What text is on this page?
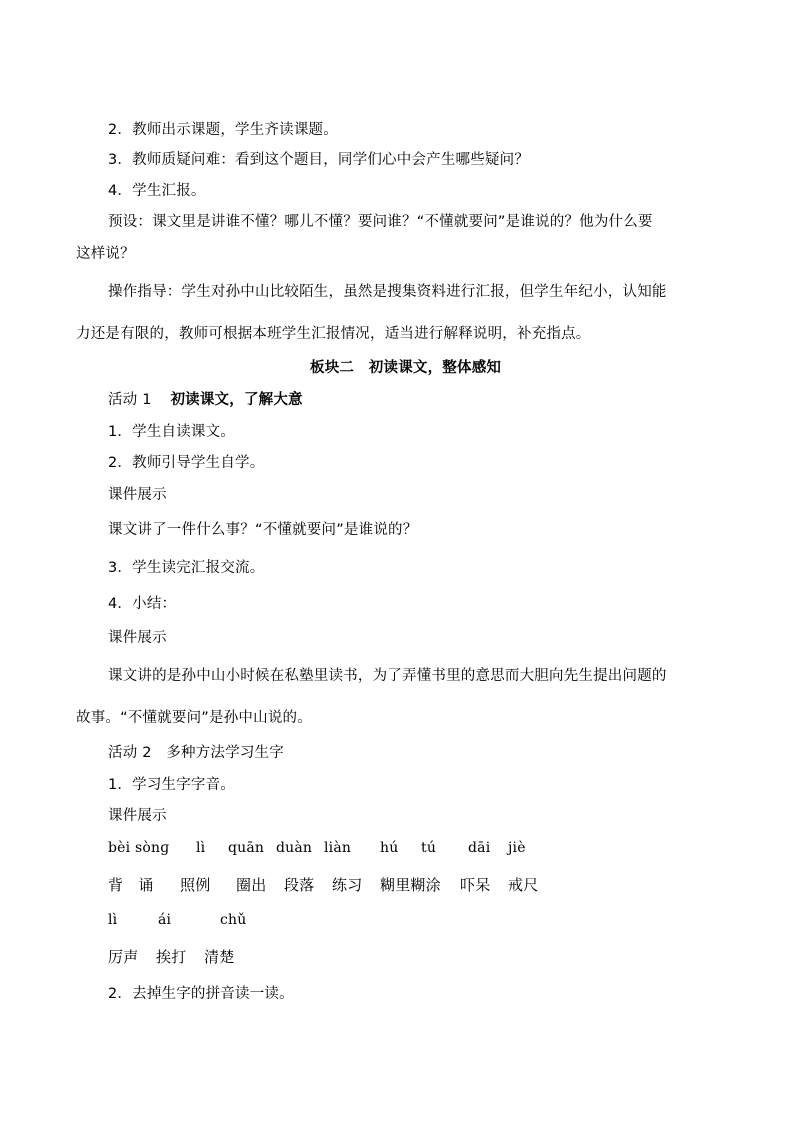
2．教师出示课题，学生齐读课题。
3．教师质疑问难：看到这个题目，同学们心中会产生哪些疑问？
4．学生汇报。
预设：课文里是讲谁不懂？哪儿不懂？要问谁？“不懂就要问”是谁说的？他为什么要
这样说？
操作指导：学生对孙中山比较陌生，虽然是搜集资料进行汇报，但学生年纪小，认知能
力还是有限的，教师可根据本班学生汇报情况，适当进行解释说明，补充指点。
板块二　初读课文，整体感知
活动 1 初读课文，了解大意
1．学生自读课文。
2．教师引导学生自学。
课件展示
课文讲了一件什么事？“不懂就要问”是谁说的？
3．学生读完汇报交流。
4．小结：
课件展示
课文讲的是孙中山小时候在私塾里读书，为了弄懂书里的意思而大胆向先生提出问题的
故事。“不懂就要问”是孙中山说的。
活动 2　多种方法学习生字
1．学习生字字音。
课件展示
bèi sònɡ lì quān duàn liàn hú tú dāi jiè
背　诵 照例 圈出 段落 练习 糊里糊涂 吓呆 戒尺
lì	ái	chǔ
厉声 挨打 清楚
2．去掉生字的拼音读一读。
